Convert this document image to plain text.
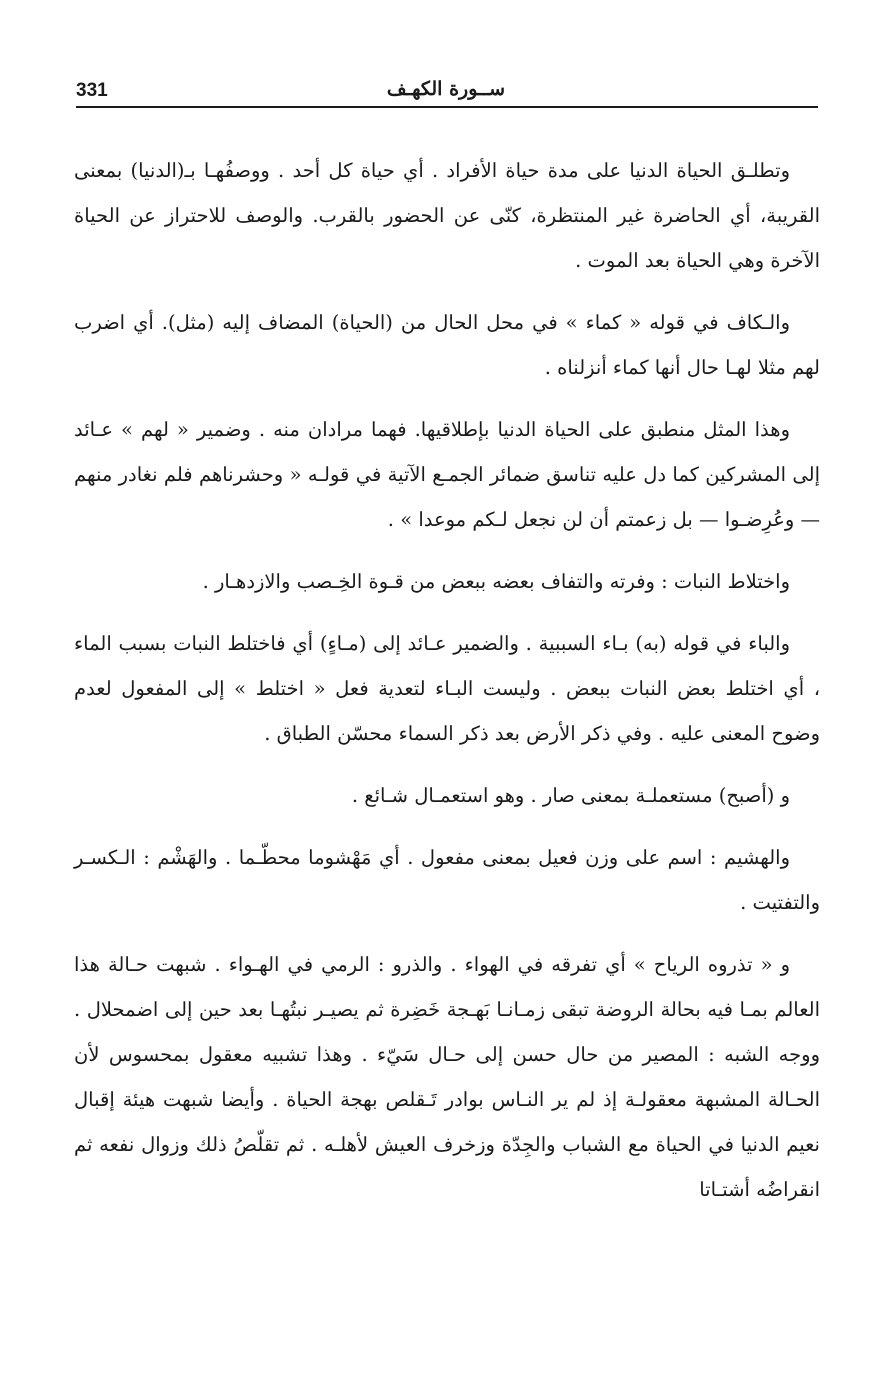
331	ســورة الكهـف

وتطلـق الحياة الدنيا على مدة حياة الأفراد . أي حياة كل أحد . ووصفُهـا بـ(الدنيا) بمعنى القريبة، أي الحاضرة غير المنتظرة، كنّى عن الحضور بالقرب. والوصف للاحتراز عن الحياة الآخرة وهي الحياة بعد الموت .

والـكاف في قوله « كماء » في محل الحال من (الحياة) المضاف إليه (مثل). أي اضرب لهم مثلا لهـا حال أنها كماء أنزلناه .

وهذا المثل منطبق على الحياة الدنيا بإطلاقيها. فهما مرادان منه . وضمير « لهم » عـائد إلى المشركين كما دل عليه تناسق ضمائر الجمـع الآتية في قولـه « وحشرناهم فلم نغادر منهم — وعُرِضـوا — بل زعمتم أن لن نجعل لـكم موعدا » .

واختلاط النبات : وفرته والتفاف بعضه ببعض من قـوة الخِـصب والازدهـار .

والباء في قوله (به) بـاء السببية . والضمير عـائد إلى (مـاءٍ) أي فاختلط النبات بسبب الماء ، أي اختلط بعض النبات ببعض . وليست البـاء لتعدية فعل « اختلط » إلى المفعول لعدم وضوح المعنى عليه . وفي ذكر الأرض بعد ذكر السماء محسّن الطباق .

و (أصبح) مستعملـة بمعنى صار . وهو استعمـال شـائع .

والهشيم : اسم على وزن فعيل بمعنى مفعول . أي مَهْشوما محطّـما . والهَشْم : الـكسـر والتفتيت .

و « تذروه الرياح » أي تفرقه في الهواء . والذرو : الرمي في الهـواء . شبهت حـالة هذا العالم بمـا فيه بحالة الروضة تبقى زمـانـا بَهـجة خَضِرة ثم يصيـر نبتُهـا بعد حين إلى اضمحلال . ووجه الشبه : المصير من حال حسن إلى حـال سَيّء . وهذا تشبيه معقول بمحسوس لأن الحـالة المشبهة معقولـة إذ لم ير النـاس بوادر تَـقلص بهجة الحياة . وأيضا شبهت هيئة إقبال نعيم الدنيا في الحياة مع الشباب والجِدّة وزخرف العيش لأهلـه . ثم تقلّصُ ذلك وزوال نفعه ثم انقراضُه أشتـاتا
